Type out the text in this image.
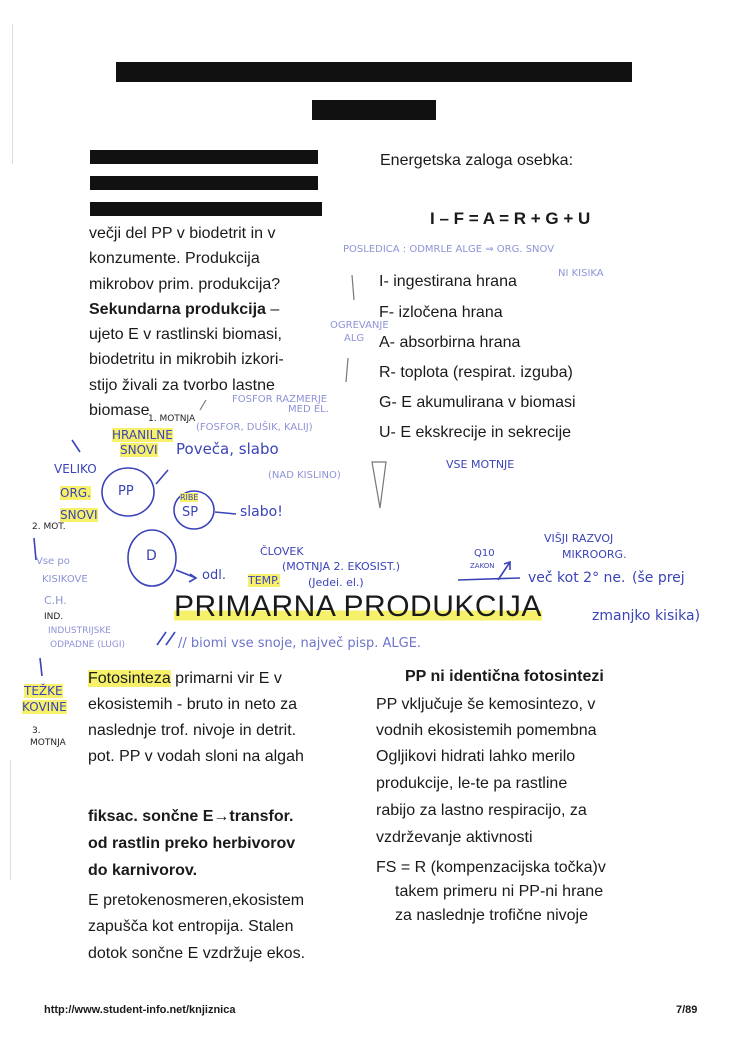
večji del PP v biodetrit in v
konzumente. Produkcija
mikrobov prim. produkcija?
Sekundarna produkcija –
ujeto E v rastlinski biomasi,
biodetritu in mikrobih izkori-
stijo živali za tvorbo lastne
biomase
Energetska zaloga osebka:
I – F = A = R + G + U
I- ingestirana hrana
F- izločena hrana
A- absorbirna hrana
R- toplota (respirat. izguba)
G- E akumulirana v biomasi
U- E ekskrecije in sekrecije
POSLEDICA : ODMRLE ALGE ⇒ ORG. SNOV
NI KISIKA
OGREVANJE
ALG
FOSFOR RAZMERJE
MED EL.
(FOSFOR, DUŠIK, KALIJ)
1. MOTNJA
HRANILNE
SNOVI Poveča, slabo
(NAD KISLINO)
VSE MOTNJE
VELIKO
ORG.
SNOVI
2. MOT.
PP	RIBE
SP	slabo!
D
odl.
ČLOVEK
(MOTNJA 2. EKOSIST.)
Q10
ZAKON
VIŠJI RAZVOJ
MIKROORG.
TEMP.	(Jedei. el.)	več kot 2° ne. (še prej
zmanjko kisika)
Vse po
KISIKOVE
C.H.
IND.
INDUSTRIJSKE
ODPADNE (LUGI)	// biomi vse snoje, največ pisp. ALGE.
TEŽKE
KOVINE
3.
MOTNJA
PRIMARNA PRODUKCIJA
Fotosinteza primarni vir E v
ekosistemih - bruto in neto za
naslednje trof. nivoje in detrit.
pot. PP v vodah sloni na algah
fiksac. sončne E→transfor.
od rastlin preko herbivorov
do karnivorov.
E pretokenosmeren,ekosistem
zapušča kot entropija. Stalen
dotok sončne E vzdržuje ekos.
PP ni identična fotosintezi
PP vključuje še kemosintezo, v
vodnih ekosistemih pomembna
Ogljikovi hidrati lahko merilo
produkcije, le-te pa rastline
rabijo za lastno respiracijo, za
vzdrževanje aktivnosti
FS = R (kompenzacijska točka)v
takem primeru ni PP-ni hrane
za naslednje trofične nivoje
http://www.student-info.net/knjiznica	7/89
